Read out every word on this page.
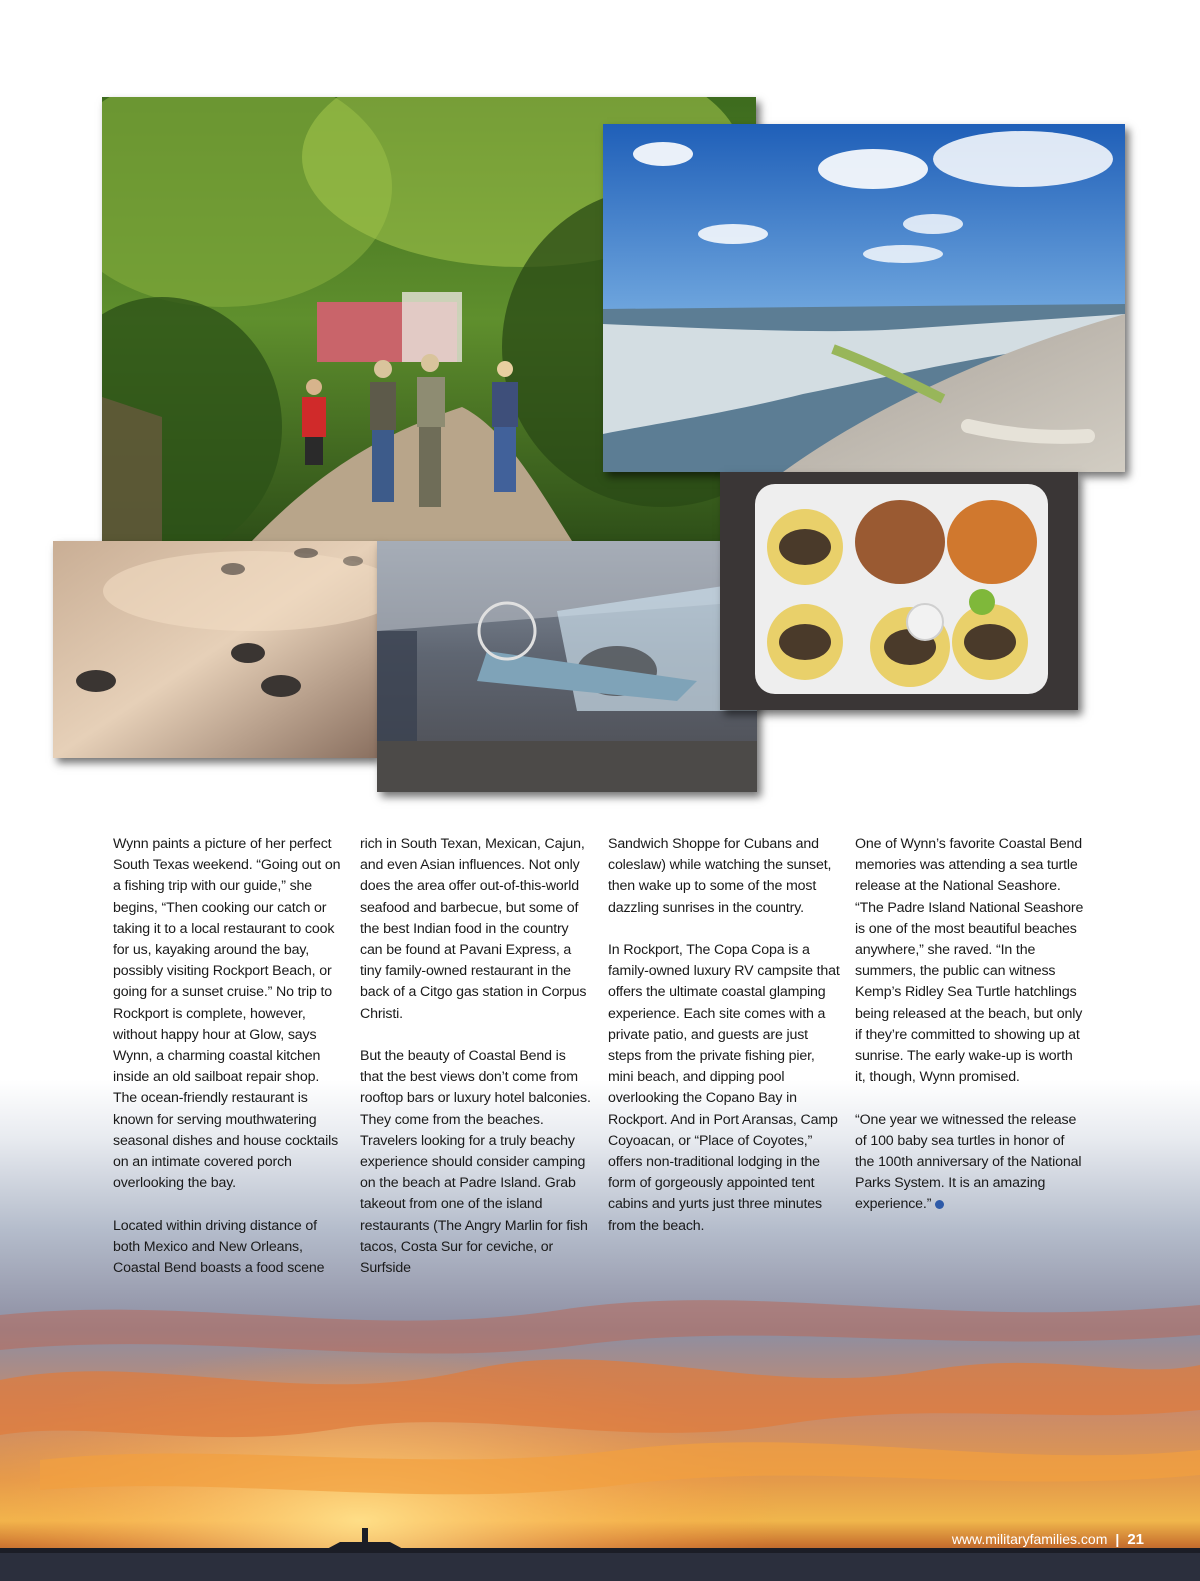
Wynn paints a picture of her perfect South Texas weekend. “Going out on a fishing trip with our guide,” she begins, “Then cooking our catch or taking it to a local restaurant to cook for us, kayaking around the bay, possibly visiting Rockport Beach, or going for a sunset cruise.” No trip to Rockport is complete, however, without happy hour at Glow, says Wynn, a charming coastal kitchen inside an old sailboat repair shop. The ocean-friendly restaurant is known for serving mouthwatering seasonal dishes and house cocktails on an intimate covered porch overlooking the bay.

Located within driving distance of both Mexico and New Orleans, Coastal Bend boasts a food scene

rich in South Texan, Mexican, Cajun, and even Asian influences. Not only does the area offer out-of-this-world seafood and barbecue, but some of the best Indian food in the country can be found at Pavani Express, a tiny family-owned restaurant in the back of a Citgo gas station in Corpus Christi.

But the beauty of Coastal Bend is that the best views don’t come from rooftop bars or luxury hotel balconies. They come from the beaches. Travelers looking for a truly beachy experience should consider camping on the beach at Padre Island. Grab takeout from one of the island restaurants (The Angry Marlin for fish tacos, Costa Sur for ceviche, or Surfside

Sandwich Shoppe for Cubans and coleslaw) while watching the sunset, then wake up to some of the most dazzling sunrises in the country.

In Rockport, The Copa Copa is a family-owned luxury RV campsite that offers the ultimate coastal glamping experience. Each site comes with a private patio, and guests are just steps from the private fishing pier, mini beach, and dipping pool overlooking the Copano Bay in Rockport. And in Port Aransas, Camp Coyoacan, or “Place of Coyotes,” offers non-traditional lodging in the form of gorgeously appointed tent cabins and yurts just three minutes from the beach.

One of Wynn’s favorite Coastal Bend memories was attending a sea turtle release at the National Seashore. “The Padre Island National Seashore is one of the most beautiful beaches anywhere,” she raved. “In the summers, the public can witness Kemp’s Ridley Sea Turtle hatchlings being released at the beach, but only if they’re committed to showing up at sunrise. The early wake-up is worth it, though, Wynn promised.

“One year we witnessed the release of 100 baby sea turtles in honor of the 100th anniversary of the National Parks System. It is an amazing experience.”

www.militaryfamilies.com | 21
